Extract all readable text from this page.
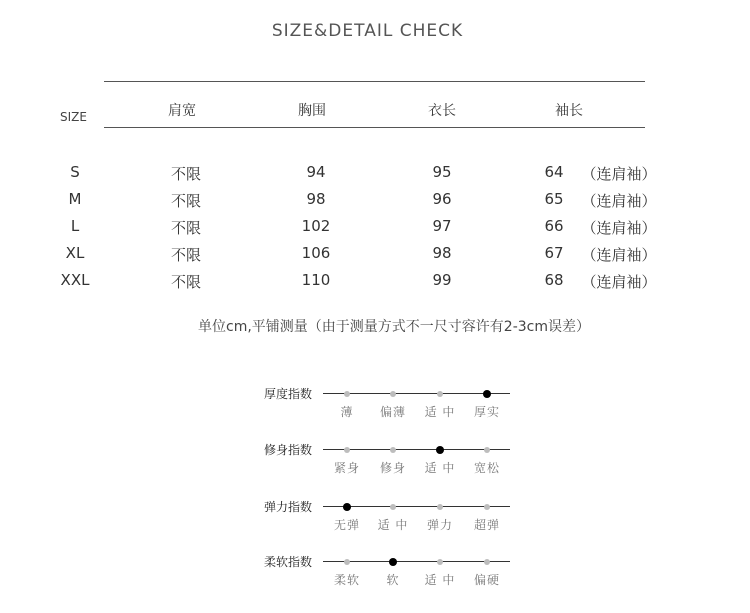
SIZE&DETAIL CHECK
SIZE	肩宽	胸围	衣长	袖长
S	不限	94	95	64 （连肩袖）
M	不限	98	96	65 （连肩袖）
L	不限	102	97	66 （连肩袖）
XL	不限	106	98	67 （连肩袖）
XXL	不限	110	99	68 （连肩袖）
单位cm,平铺测量（由于测量方式不一尺寸容许有2-3cm误差）
厚度指数
薄 偏薄 适 中 厚实
修身指数
紧身 修身 适 中 宽松
弹力指数
无弹 适 中 弹力 超弹
柔软指数
柔软 软 适 中 偏硬
